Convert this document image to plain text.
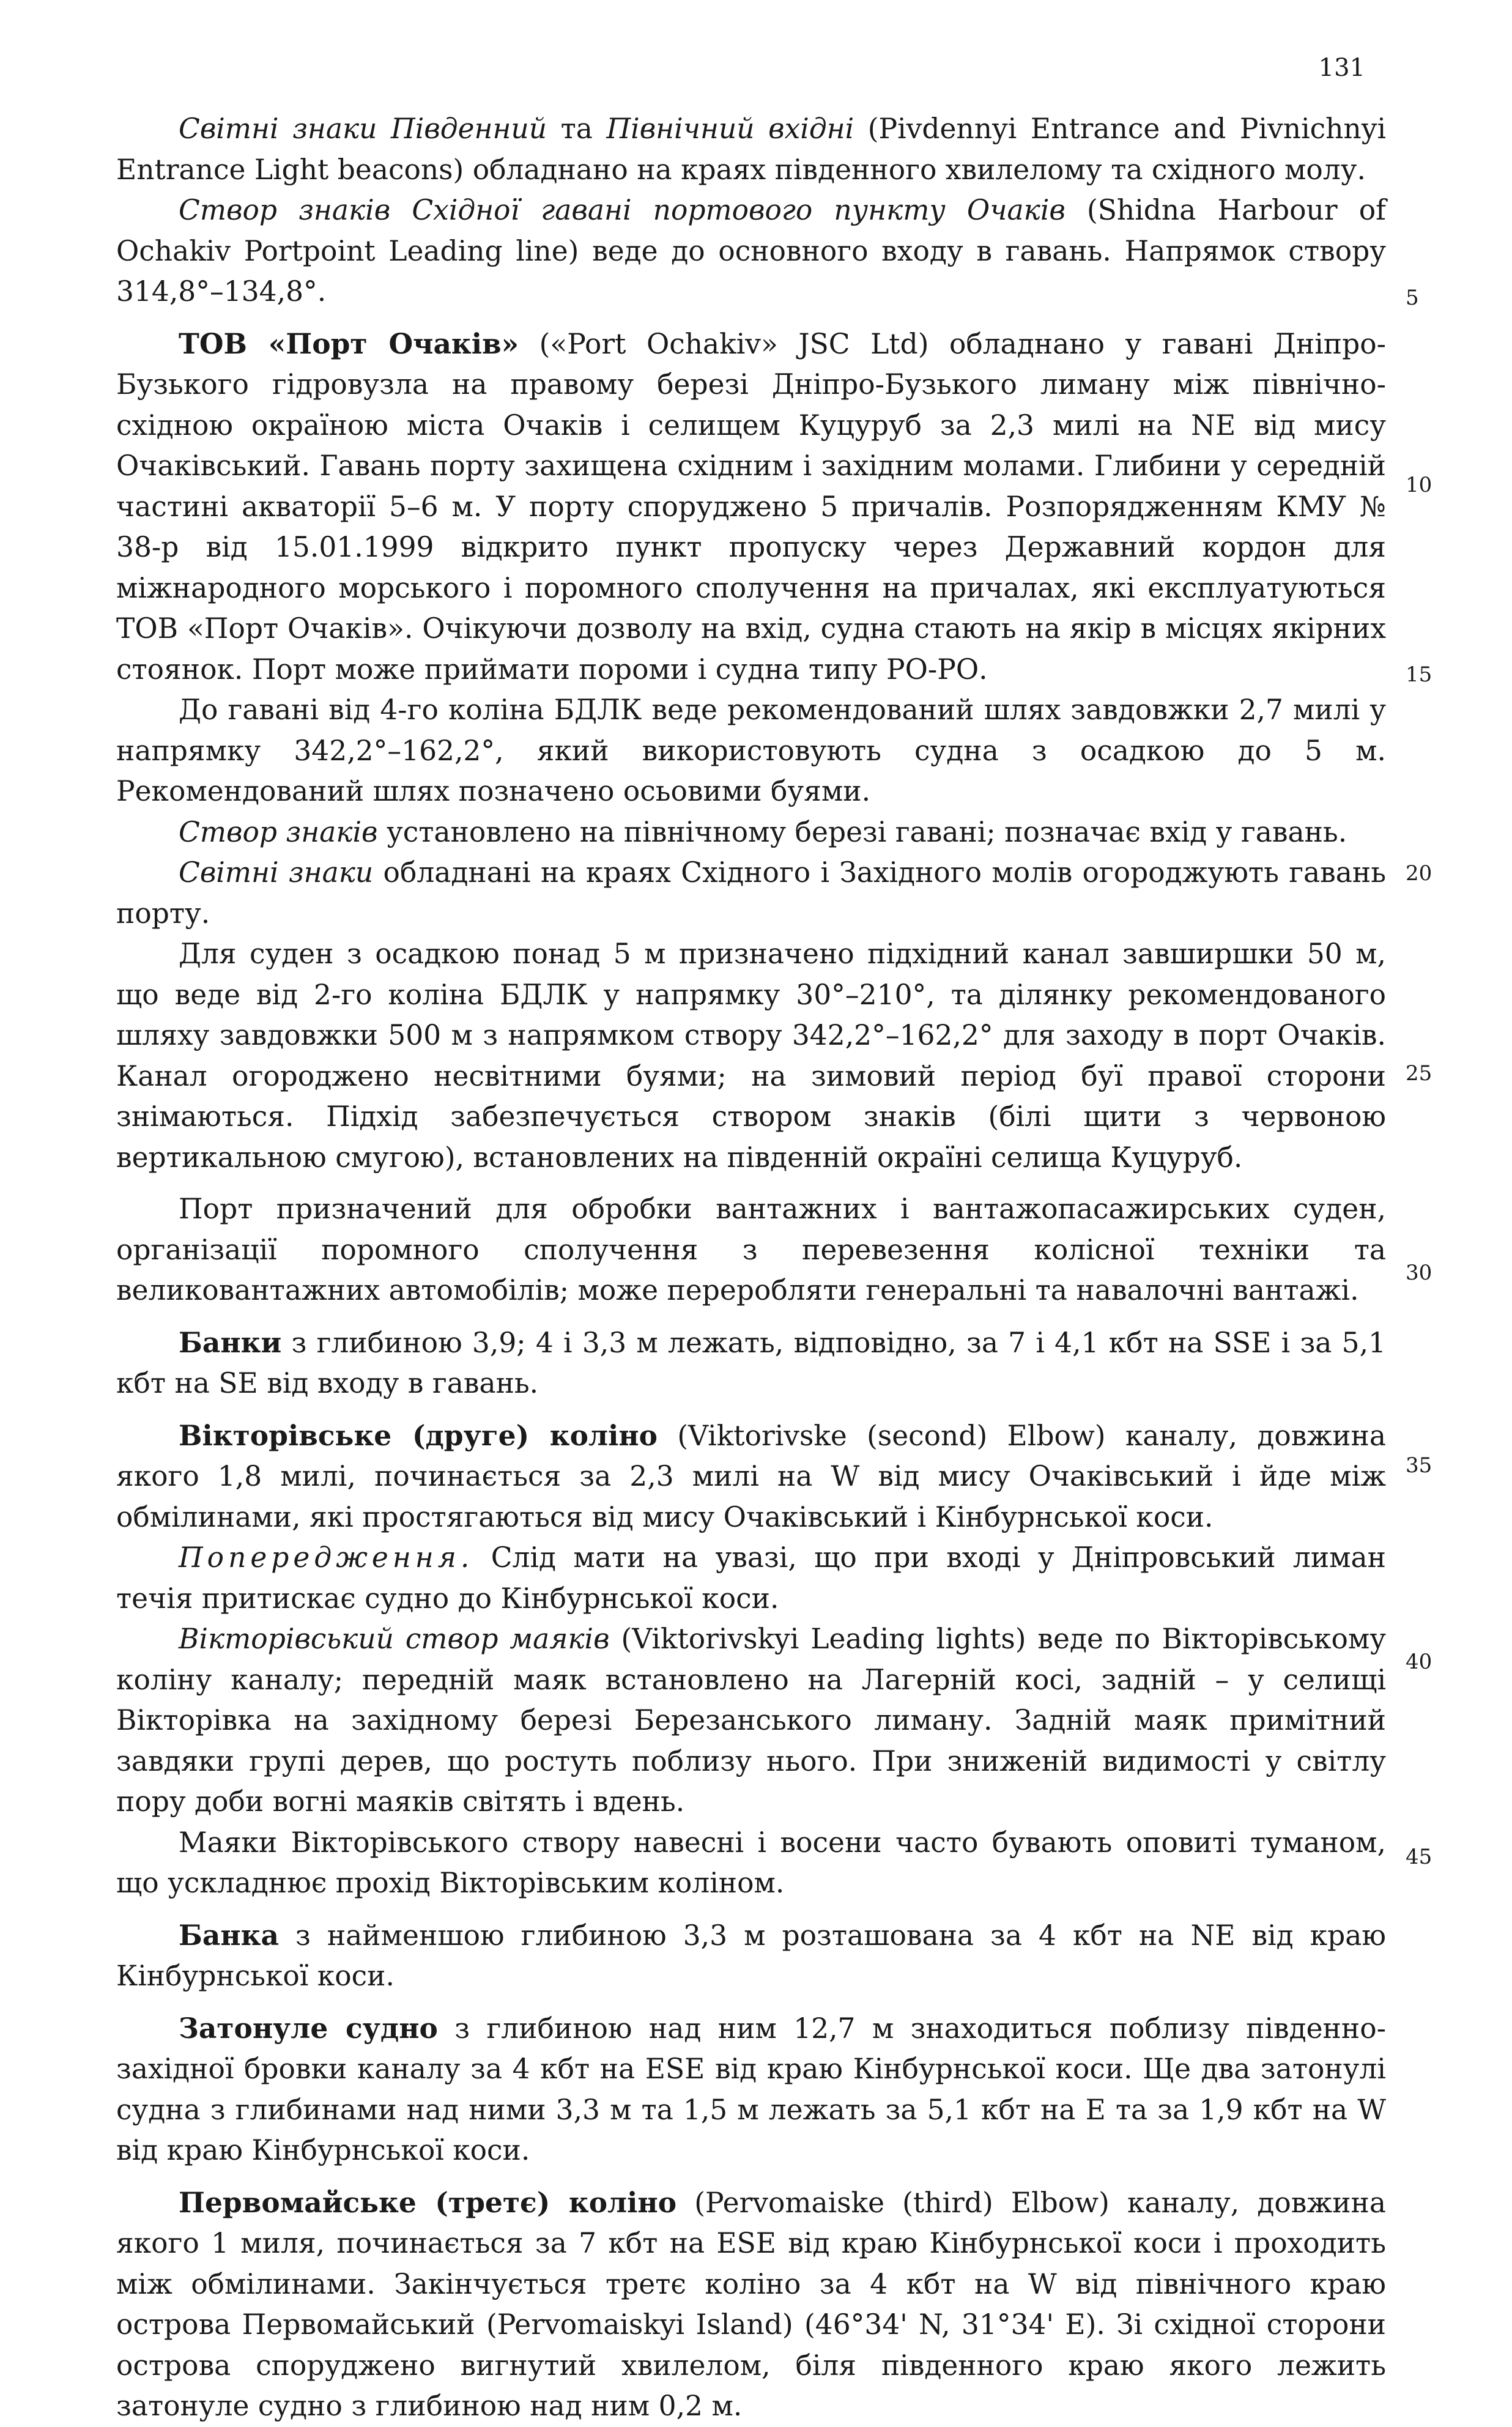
131

Світні знаки Південний та Північний вхідні (Pivdennyi Entrance and Pivnichnyi Entrance Light beacons) обладнано на краях південного хвилелому та східного молу.

Створ знаків Східної гавані портового пункту Очаків (Shidna Harbour of Ochakiv Portpoint Leading line) веде до основного входу в гавань. Напрямок створу 314,8°–134,8°.

ТОВ «Порт Очаків» («Port Ochakiv» JSC Ltd) обладнано у гавані Дніпро-Бузького гідровузла на правому березі Дніпро-Бузького лиману між північно-східною окраїною міста Очаків і селищем Куцуруб за 2,3 милі на NE від мису Очаківський. Гавань порту захищена східним і західним молами. Глибини у середній частині акваторії 5–6 м. У порту споруджено 5 причалів. Розпорядженням КМУ № 38-р від 15.01.1999 відкрито пункт пропуску через Державний кордон для міжнародного морського і поромного сполучення на причалах, які експлуатуються ТОВ «Порт Очаків». Очікуючи дозволу на вхід, судна стають на якір в місцях якірних стоянок. Порт може приймати пороми і судна типу РО-РО.

До гавані від 4-го коліна БДЛК веде рекомендований шлях завдовжки 2,7 милі у напрямку 342,2°–162,2°, який використовують судна з осадкою до 5 м. Рекомендований шлях позначено осьовими буями.

Створ знаків установлено на північному березі гавані; позначає вхід у гавань.

Світні знаки обладнані на краях Східного і Західного молів огороджують гавань порту.

Для суден з осадкою понад 5 м призначено підхідний канал завширшки 50 м, що веде від 2-го коліна БДЛК у напрямку 30°–210°, та ділянку рекомендованого шляху завдовжки 500 м з напрямком створу 342,2°–162,2° для заходу в порт Очаків. Канал огороджено несвітними буями; на зимовий період буї правої сторони знімаються. Підхід забезпечується створом знаків (білі щити з червоною вертикальною смугою), встановлених на південній окраїні селища Куцуруб.

Порт призначений для обробки вантажних і вантажопасажирських суден, організації поромного сполучення з перевезення колісної техніки та великовантажних автомобілів; може переробляти генеральні та навалочні вантажі.

Банки з глибиною 3,9; 4 і 3,3 м лежать, відповідно, за 7 і 4,1 кбт на SSE і за 5,1 кбт на SE від входу в гавань.

Вікторівське (друге) коліно (Viktorivske (second) Elbow) каналу, довжина якого 1,8 милі, починається за 2,3 милі на W від мису Очаківський і йде між обмілинами, які простягаються від мису Очаківський і Кінбурнської коси.

Попередження. Слід мати на увазі, що при вході у Дніпровський лиман течія притискає судно до Кінбурнської коси.

Вікторівський створ маяків (Viktorivskyi Leading lights) веде по Вікторівському коліну каналу; передній маяк встановлено на Лагерній косі, задній – у селищі Вікторівка на західному березі Березанського лиману. Задній маяк примітний завдяки групі дерев, що ростуть поблизу нього. При зниженій видимості у світлу пору доби вогні маяків світять і вдень.

Маяки Вікторівського створу навесні і восени часто бувають оповиті туманом, що ускладнює прохід Вікторівським коліном.

Банка з найменшою глибиною 3,3 м розташована за 4 кбт на NE від краю Кінбурнської коси.

Затонуле судно з глибиною над ним 12,7 м знаходиться поблизу південно-західної бровки каналу за 4 кбт на ESE від краю Кінбурнської коси. Ще два затонулі судна з глибинами над ними 3,3 м та 1,5 м лежать за 5,1 кбт на E та за 1,9 кбт на W від краю Кінбурнської коси.

Первомайське (третє) коліно (Pervomaiske (third) Elbow) каналу, довжина якого 1 миля, починається за 7 кбт на ESE від краю Кінбурнської коси і проходить між обмілинами. Закінчується третє коліно за 4 кбт на W від північного краю острова Первомайський (Pervomaiskyi Island) (46°34' N, 31°34' E). Зі східної сторони острова споруджено вигнутий хвилелом, біля південного краю якого лежить затонуле судно з глибиною над ним 0,2 м.

5
10
15
20
25
30
35
40
45
